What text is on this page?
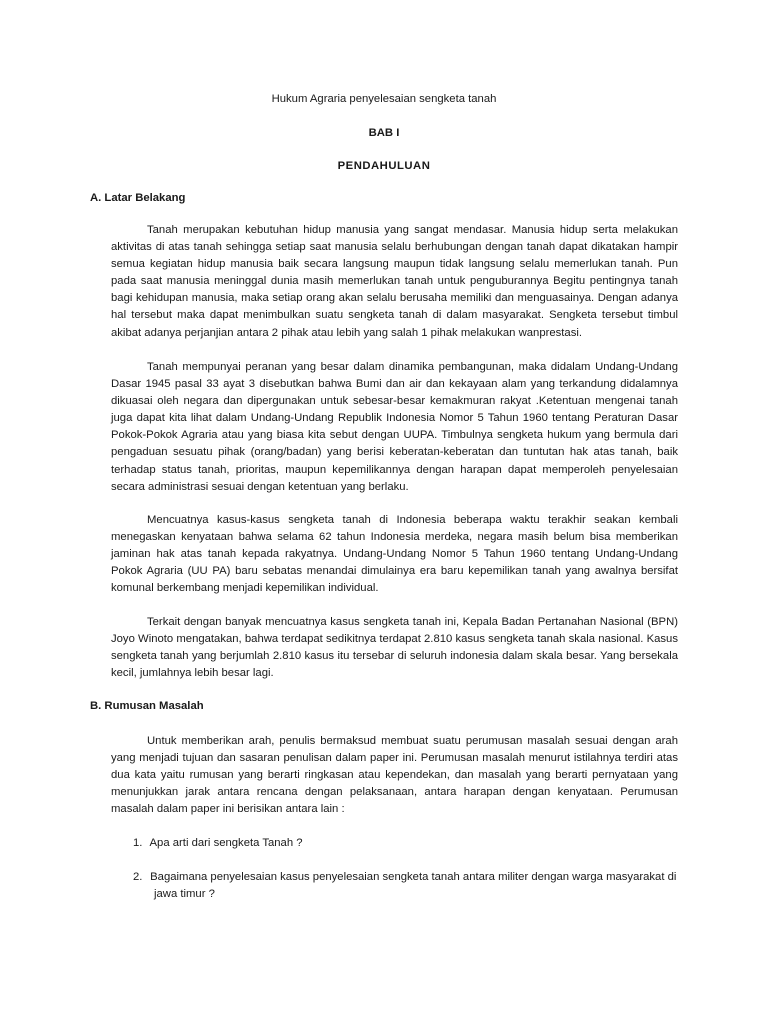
Hukum Agraria penyelesaian sengketa tanah
BAB I
PENDAHULUAN
A. Latar Belakang

Tanah merupakan kebutuhan hidup manusia yang sangat mendasar. Manusia hidup serta melakukan aktivitas di atas tanah sehingga setiap saat manusia selalu berhubungan dengan tanah dapat dikatakan hampir semua kegiatan hidup manusia baik secara langsung maupun tidak langsung selalu memerlukan tanah. Pun pada saat manusia meninggal dunia masih memerlukan tanah untuk penguburannya Begitu pentingnya tanah bagi kehidupan manusia, maka setiap orang akan selalu berusaha memiliki dan menguasainya. Dengan adanya hal tersebut maka dapat menimbulkan suatu sengketa tanah di dalam masyarakat. Sengketa tersebut timbul akibat adanya perjanjian antara 2 pihak atau lebih yang salah 1 pihak melakukan wanprestasi.

Tanah mempunyai peranan yang besar dalam dinamika pembangunan, maka didalam Undang-Undang Dasar 1945 pasal 33 ayat 3 disebutkan bahwa Bumi dan air dan kekayaan alam yang terkandung didalamnya dikuasai oleh negara dan dipergunakan untuk sebesar-besar kemakmuran rakyat .Ketentuan mengenai tanah juga dapat kita lihat dalam Undang-Undang Republik Indonesia Nomor 5 Tahun 1960 tentang Peraturan Dasar Pokok-Pokok Agraria atau yang biasa kita sebut dengan UUPA. Timbulnya sengketa hukum yang bermula dari pengaduan sesuatu pihak (orang/badan) yang berisi keberatan-keberatan dan tuntutan hak atas tanah, baik terhadap status tanah, prioritas, maupun kepemilikannya dengan harapan dapat memperoleh penyelesaian secara administrasi sesuai dengan ketentuan yang berlaku.

Mencuatnya kasus-kasus sengketa tanah di Indonesia beberapa waktu terakhir seakan kembali menegaskan kenyataan bahwa selama 62 tahun Indonesia merdeka, negara masih belum bisa memberikan jaminan hak atas tanah kepada rakyatnya. Undang-Undang Nomor 5 Tahun 1960 tentang Undang-Undang Pokok Agraria (UU PA) baru sebatas menandai dimulainya era baru kepemilikan tanah yang awalnya bersifat komunal berkembang menjadi kepemilikan individual.

Terkait dengan banyak mencuatnya kasus sengketa tanah ini, Kepala Badan Pertanahan Nasional (BPN) Joyo Winoto mengatakan, bahwa terdapat sedikitnya terdapat 2.810 kasus sengketa tanah skala nasional. Kasus sengketa tanah yang berjumlah 2.810 kasus itu tersebar di seluruh indonesia dalam skala besar. Yang bersekala kecil, jumlahnya lebih besar lagi.

B. Rumusan Masalah

Untuk memberikan arah, penulis bermaksud membuat suatu perumusan masalah sesuai dengan arah yang menjadi tujuan dan sasaran penulisan dalam paper ini. Perumusan masalah menurut istilahnya terdiri atas dua kata yaitu rumusan yang berarti ringkasan atau kependekan, dan masalah yang berarti pernyataan yang menunjukkan jarak antara rencana dengan pelaksanaan, antara harapan dengan kenyataan. Perumusan masalah dalam paper ini berisikan antara lain :

1. Apa arti dari sengketa Tanah ?
2. Bagaimana penyelesaian kasus penyelesaian sengketa tanah antara militer dengan warga masyarakat di
jawa timur ?
